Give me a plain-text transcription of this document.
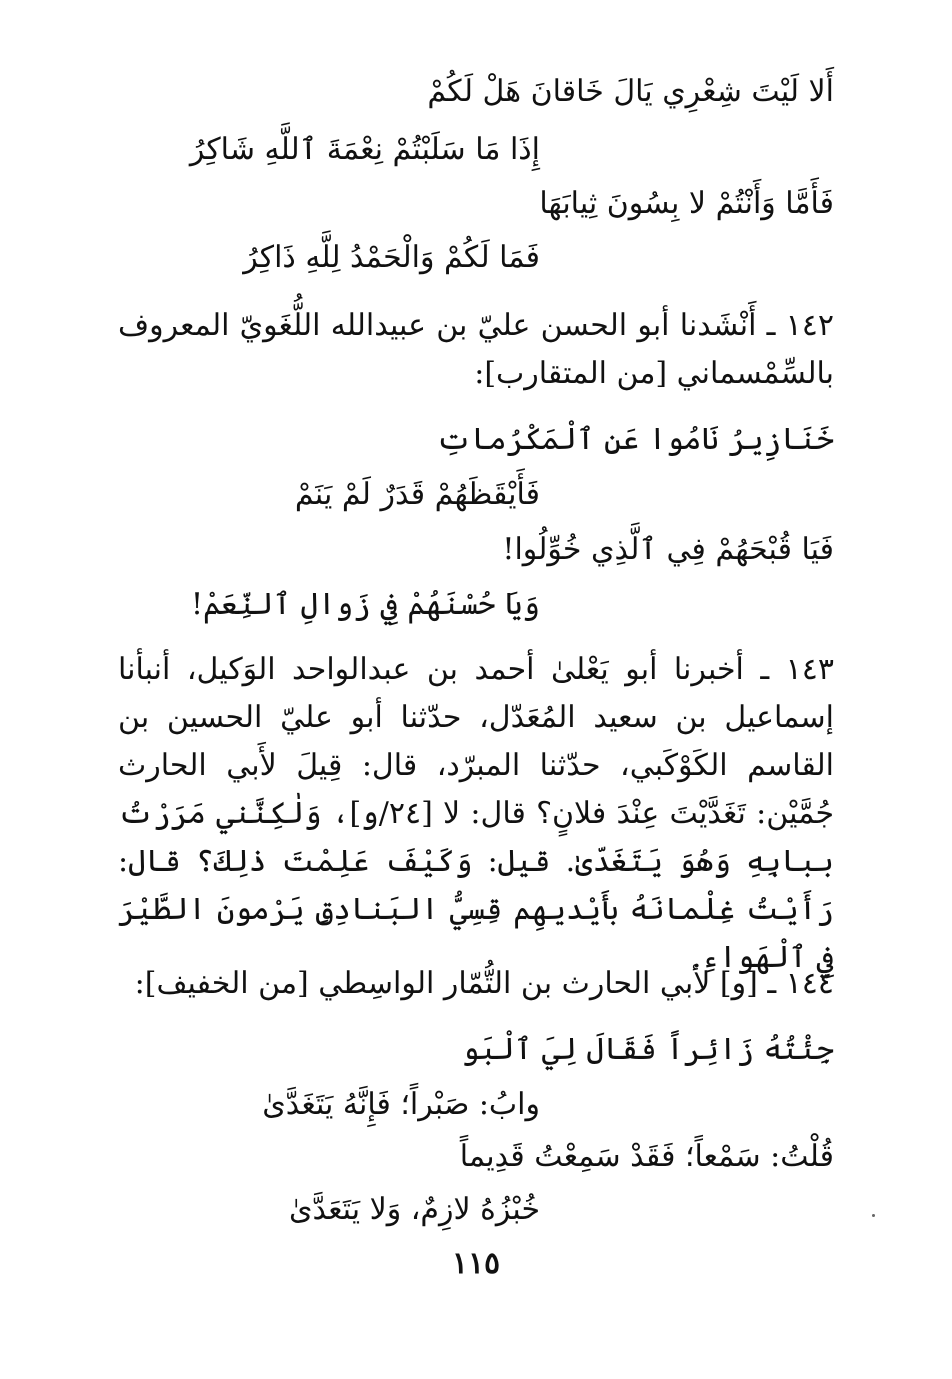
أَلا لَيْتَ شِعْرِي يَالَ خَاقانَ هَلْ لَكُمْ
إِذَا مَا سَلَبْتُمْ نِعْمَةَ ٱللَّهِ شَاكِرُ
فَأَمَّا وَأَنْتُمْ لا بِسُونَ ثِيابَهَا
فَمَا لَكُمْ وَالْحَمْدُ لِلَّهِ ذَاكِرُ
١٤٢ ـ أَنْشَدنا أبو الحسن عليّ بن عبيدالله اللُّغَويّ المعروف بالسِّمْسماني [من المتقارب]:
خَنَازِيرُ نَامُوا عَنِ ٱلْمَكْرُماتِ
فَأَيْقَظَهُمْ قَدَرٌ لَمْ يَنَمْ
فَيَا قُبْحَهُمْ فِي ٱلَّذِي خُوِّلُوا!
وَيَا حُسْنَهُمْ فِي زَوالِ ٱلنِّعَمْ!
١٤٣ ـ أخبرنا أبو يَعْلىٰ أحمد بن عبدالواحد الوَكيل، أنبأنا إسماعيل بن سعيد المُعَدّل، حدّثنا أبو عليّ الحسين بن القاسم الكَوْكَبي، حدّثنا المبرّد، قال: قِيلَ لأَبي الحارث جُمَّيْن: تَغَدَّيْتَ عِنْدَ فلانٍ؟ قال: لا [٢٤/و]، وَلٰكِنَّني مَرَرْتُ ببابِهِ وَهُوَ يَتَغَدّىٰ. قيل: وَكَيْفَ عَلِمْتَ ذٰلِكَ؟ قال: رَأَيْتُ غِلْمانَهُ بأَيْديهِم قِسِيُّ البَنادِقِ يَرْمونَ الطَّيْرَ فِي ٱلْهَواءِ.
١٤٤ ـ [و] لأبي الحارث بن التُّمّار الواسِطي [من الخفيف]:
جِئْتُهُ زَائِراً فَقَالَ لِيَ ٱلْبَو
وابُ: صَبْراً؛ فَإِنَّهُ يَتَغَدَّىٰ
قُلْتُ: سَمْعاً؛ فَقَدْ سَمِعْتُ قَدِيماً
خُبْزُهُ لازِمٌ، وَلا يَتَعَدَّىٰ
١١٥
